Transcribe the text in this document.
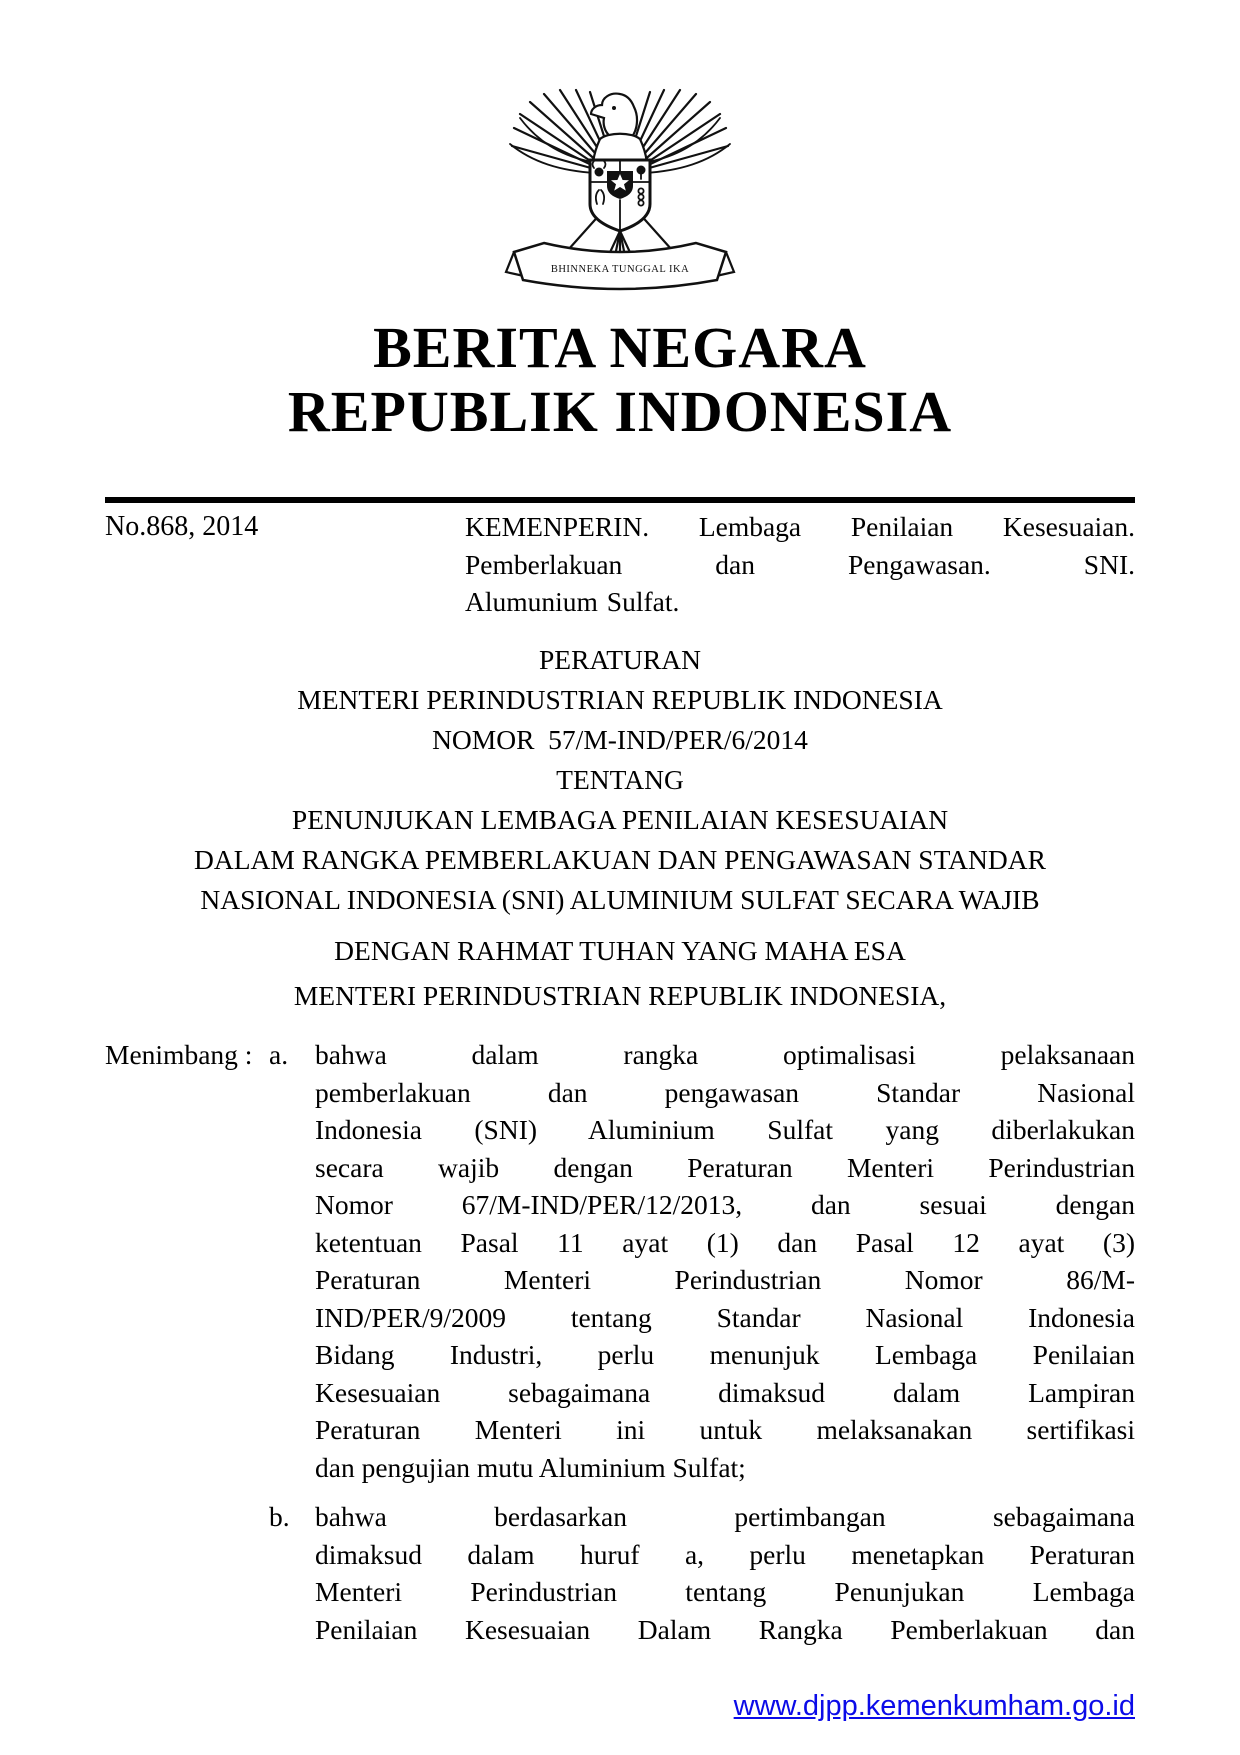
BHINNEKA TUNGGAL IKA
BERITA NEGARA
REPUBLIK INDONESIA
No.868, 2014	KEMENPERIN. Lembaga Penilaian Kesesuaian.
Pemberlakuan dan Pengawasan. SNI.
Alumunium Sulfat.
PERATURAN
MENTERI PERINDUSTRIAN REPUBLIK INDONESIA
NOMOR  57/M-IND/PER/6/2014
TENTANG
PENUNJUKAN LEMBAGA PENILAIAN KESESUAIAN
DALAM RANGKA PEMBERLAKUAN DAN PENGAWASAN STANDAR
NASIONAL INDONESIA (SNI) ALUMINIUM SULFAT SECARA WAJIB
DENGAN RAHMAT TUHAN YANG MAHA ESA
MENTERI PERINDUSTRIAN REPUBLIK INDONESIA,
Menimbang : a. bahwa dalam rangka optimalisasi pelaksanaan
pemberlakuan dan pengawasan Standar Nasional
Indonesia (SNI) Aluminium Sulfat yang diberlakukan
secara wajib dengan Peraturan Menteri Perindustrian
Nomor 67/M-IND/PER/12/2013, dan sesuai dengan
ketentuan Pasal 11 ayat (1) dan Pasal 12 ayat (3)
Peraturan Menteri Perindustrian Nomor 86/M-
IND/PER/9/2009 tentang Standar Nasional Indonesia
Bidang Industri, perlu menunjuk Lembaga Penilaian
Kesesuaian sebagaimana dimaksud dalam Lampiran
Peraturan Menteri ini untuk melaksanakan sertifikasi
dan pengujian mutu Aluminium Sulfat;
b. bahwa berdasarkan pertimbangan sebagaimana
dimaksud dalam huruf a, perlu menetapkan Peraturan
Menteri Perindustrian tentang Penunjukan Lembaga
Penilaian Kesesuaian Dalam Rangka Pemberlakuan dan
www.djpp.kemenkumham.go.id
